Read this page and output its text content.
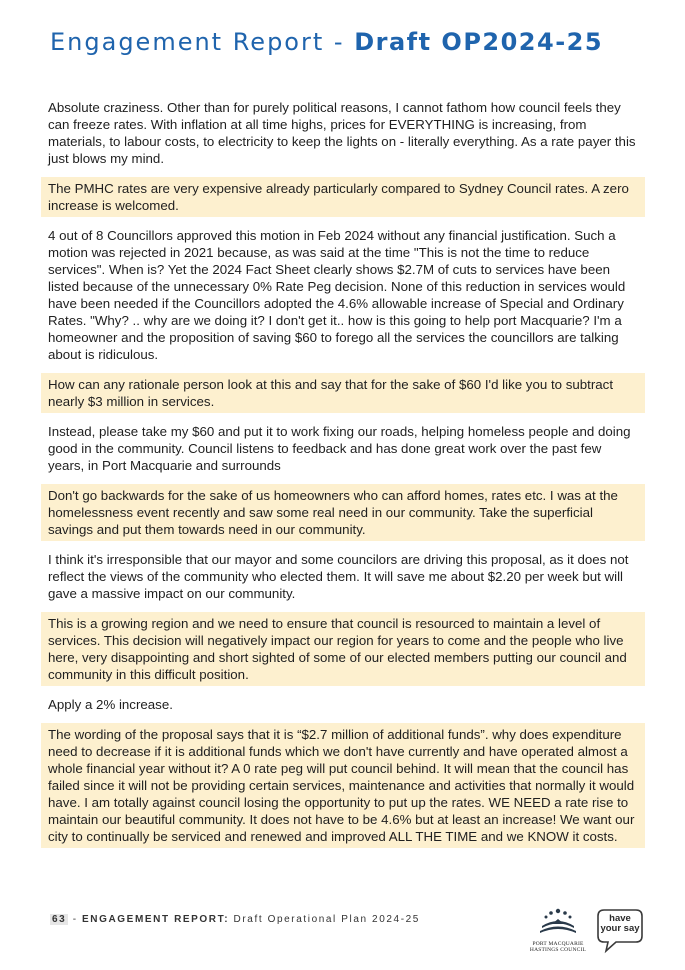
Engagement Report - Draft OP2024-25
Absolute craziness. Other than for purely political reasons, I cannot fathom how council feels they can freeze rates. With inflation at all time highs, prices for EVERYTHING is increasing, from materials, to labour costs, to electricity to keep the lights on - literally everything. As a rate payer this just blows my mind.
The PMHC rates are very expensive already particularly compared to Sydney Council rates. A zero increase is welcomed.
4 out of 8 Councillors approved this motion in Feb 2024 without any financial justification. Such a motion was rejected in 2021 because, as was said at the time "This is not the time to reduce services". When is? Yet the 2024 Fact Sheet clearly shows $2.7M of cuts to services have been listed because of the unnecessary 0% Rate Peg decision. None of this reduction in services would have been needed if the Councillors adopted the 4.6% allowable increase of Special and Ordinary Rates. "Why? .. why are we doing it? I don't get it.. how is this going to help port Macquarie? I'm a homeowner and the proposition of saving $60 to forego all the services the councillors are talking about is ridiculous.
How can any rationale person look at this and say that for the sake of $60 I'd like you to subtract nearly $3 million in services.
Instead, please take my $60 and put it to work fixing our roads, helping homeless people and doing good in the community. Council listens to feedback and has done great work over the past few years, in Port Macquarie and surrounds
Don't go backwards for the sake of us homeowners who can afford homes, rates etc. I was at the homelessness event recently and saw some real need in our community. Take the superficial savings and put them towards need in our community.
I think it's irresponsible that our mayor and some councilors are driving this proposal, as it does not reflect the views of the community who elected them. It will save me about $2.20 per week but will gave a massive impact on our community.
This is a growing region and we need to ensure that council is resourced to maintain a level of services. This decision will negatively impact our region for years to come and the people who live here, very disappointing and short sighted of some of our elected members putting our council and community in this difficult position.
Apply a 2% increase.
The wording of the proposal says that it is “$2.7 million of additional funds”. why does expenditure need to decrease if it is additional funds which we don't have currently and have operated almost a whole financial year without it? A 0 rate peg will put council behind. It will mean that the council has failed since it will not be providing certain services, maintenance and activities that normally it would have. I am totally against council losing the opportunity to put up the rates. WE NEED a rate rise to maintain our beautiful community. It does not have to be 4.6% but at least an increase! We want our city to continually be serviced and renewed and improved ALL THE TIME and we KNOW it costs.
63 - ENGAGEMENT REPORT: Draft Operational Plan 2024-25
PORT MACQUARIE
HASTINGS COUNCIL
have
your say
